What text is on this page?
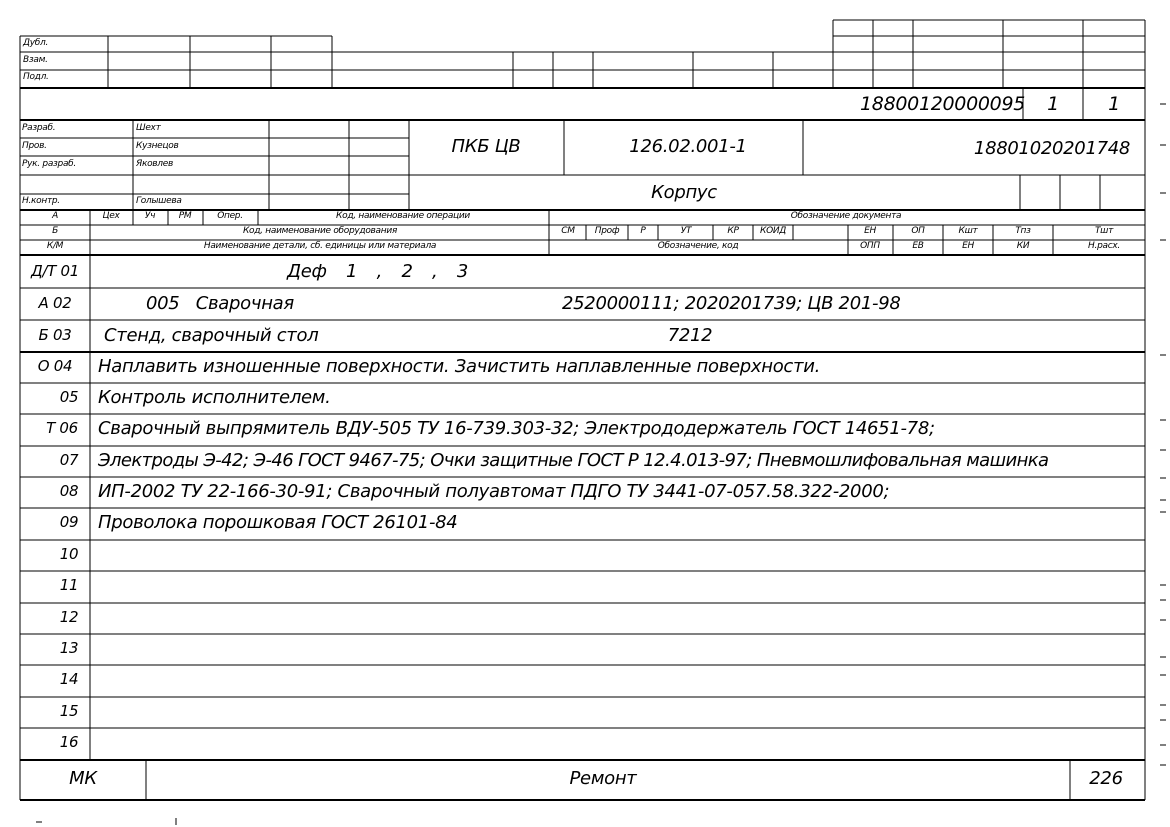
Дубл.
Взам.
Подл.
18800120000095 1	1
Разраб.	Шехт
Пров.	Кузнецов
Рук. разраб.	Яковлев
Н.контр.	Голышева
ПКБ ЦВ	126.02.001-1	18801020201748
Корпус
А	Цех	Уч	РМ	Опер.	Код, наименование операции	Обозначение документа
Б	Код, наименование оборудования	СМ Проф Р	УТ	КР КОИД	ЕН	ОП	Кшт	Тпз	Тшт
К/М	Наименование детали, сб. единицы или материала	Обозначение, код	ОПП	ЕВ	ЕН	КИ	Н.расх.
Д/Т 01	Деф 1 , 2 , 3
А 02	005   Сварочная	2520000111; 2020201739; ЦВ 201-98
Б 03 Стенд, сварочный стол	7212
О 04 Наплавить изношенные поверхности. Зачистить наплавленные поверхности.
05 Контроль исполнителем.
Т 06 Сварочный выпрямитель ВДУ-505 ТУ 16-739.303-32; Электрододержатель ГОСТ 14651-78;
07 Электроды Э-42; Э-46 ГОСТ 9467-75; Очки защитные ГОСТ Р 12.4.013-97; Пневмошлифовальная машинка
08 ИП-2002 ТУ 22-166-30-91; Сварочный полуавтомат ПДГО ТУ 3441-07-057.58.322-2000;
09 Проволока порошковая ГОСТ 26101-84
10
11
12
13
14
15
16
МК	Ремонт	226
